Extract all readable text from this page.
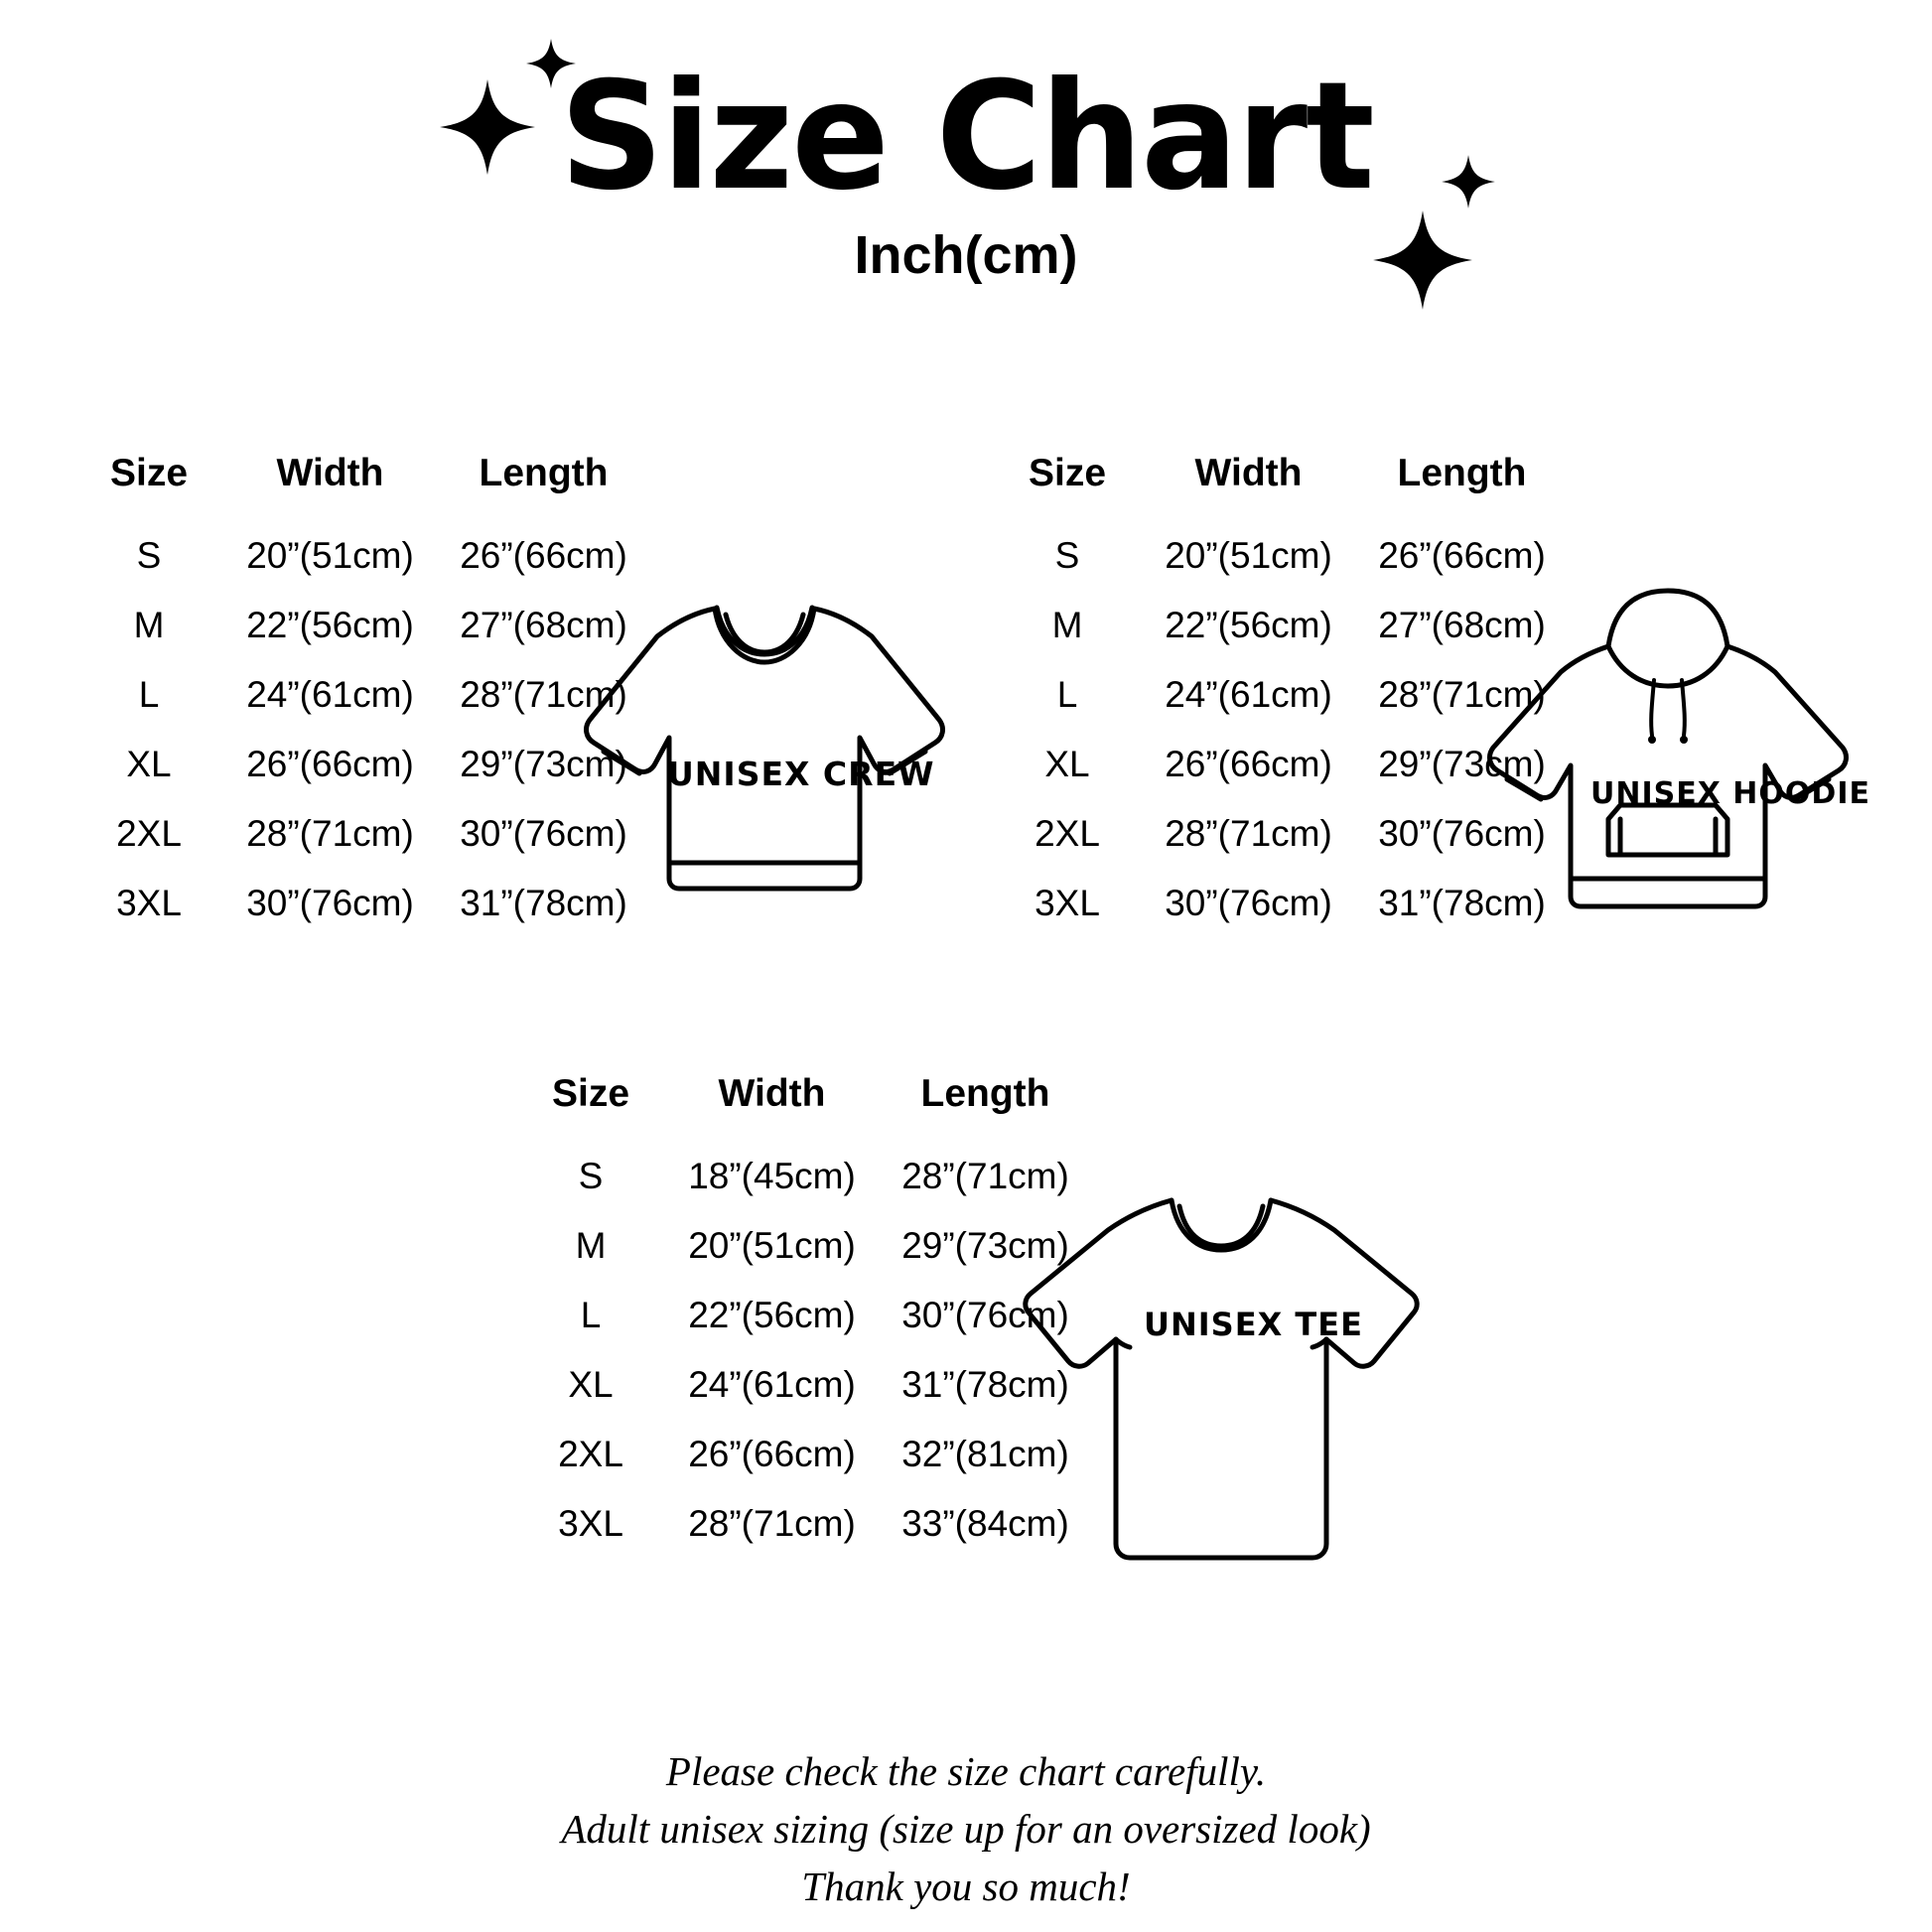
Size Chart
Inch(cm)
Size	Width	Length
S	20”(51cm)	26”(66cm)
M	22”(56cm)	27”(68cm)
L	24”(61cm)	28”(71cm)
XL	26”(66cm)	29”(73cm)
2XL	28”(71cm)	30”(76cm)
3XL	30”(76cm)	31”(78cm)
Size	Width	Length
S	20”(51cm)	26”(66cm)
M	22”(56cm)	27”(68cm)
L	24”(61cm)	28”(71cm)
XL	26”(66cm)	29”(73cm)
2XL	28”(71cm)	30”(76cm)
3XL	30”(76cm)	31”(78cm)
Size	Width	Length
S	18”(45cm)	28”(71cm)
M	20”(51cm)	29”(73cm)
L	22”(56cm)	30”(76cm)
XL	24”(61cm)	31”(78cm)
2XL	26”(66cm)	32”(81cm)
3XL	28”(71cm)	33”(84cm)
UNISEX CREW
UNISEX HOODIE
UNISEX TEE
Please check the size chart carefully.
Adult unisex sizing (size up for an oversized look)
Thank you so much!
